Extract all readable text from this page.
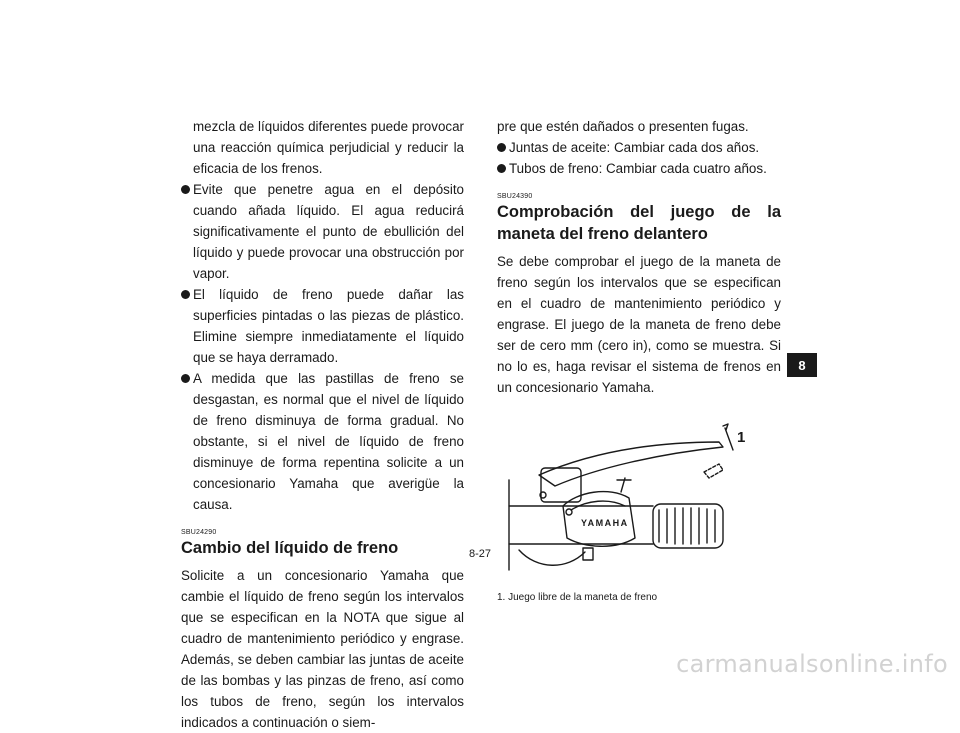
mezcla de líquidos diferentes puede provocar una reacción química perjudicial y reducir la eficacia de los frenos.

Evite que penetre agua en el depósito cuando añada líquido. El agua reducirá significativamente el punto de ebullición del líquido y puede provocar una obstrucción por vapor.
El líquido de freno puede dañar las superficies pintadas o las piezas de plástico. Elimine siempre inmediatamente el líquido que se haya derramado.
A medida que las pastillas de freno se desgastan, es normal que el nivel de líquido de freno disminuya de forma gradual. No obstante, si el nivel de líquido de freno disminuye de forma repentina solicite a un concesionario Yamaha que averigüe la causa.
SBU24290
Cambio del líquido de freno

Solicite a un concesionario Yamaha que cambie el líquido de freno según los intervalos que se especifican en la NOTA que sigue al cuadro de mantenimiento periódico y engrase. Además, se deben cambiar las juntas de aceite de las bombas y las pinzas de freno, así como los tubos de freno, según los intervalos indicados a continuación o siem-

pre que estén dañados o presenten fugas.

Juntas de aceite: Cambiar cada dos años.
Tubos de freno: Cambiar cada cuatro años.
SBU24390
Comprobación del juego de la maneta del freno delantero

Se debe comprobar el juego de la maneta de freno según los intervalos que se especifican en el cuadro de mantenimiento periódico y engrase. El juego de la maneta de freno debe ser de cero mm (cero in), como se muestra. Si no lo es, haga revisar el sistema de frenos en un concesionario Yamaha.

YAMAHA
1
1. Juego libre de la maneta de freno
8
8-27
carmanualsonline.info
